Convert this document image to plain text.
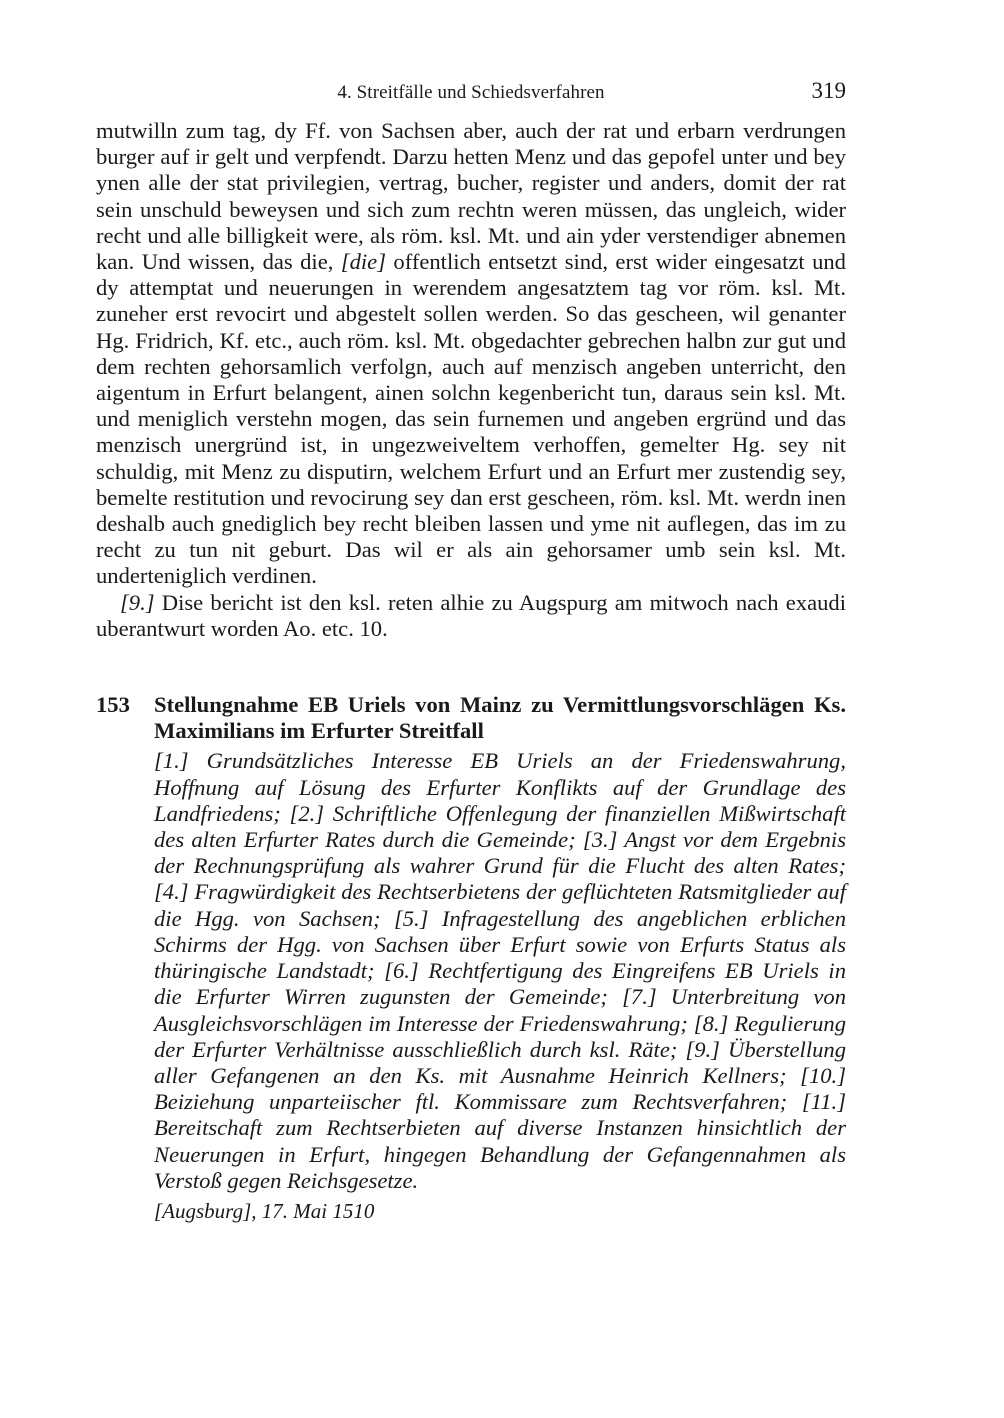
4. Streitfälle und Schiedsverfahren	319

mutwilln zum tag, dy Ff. von Sachsen aber, auch der rat und erbarn verdrungen burger auf ir gelt und verpfendt. Darzu hetten Menz und das gepofel unter und bey ynen alle der stat privilegien, vertrag, bucher, register und anders, domit der rat sein unschuld beweysen und sich zum rechtn weren müssen, das ungleich, wider recht und alle billigkeit were, als röm. ksl. Mt. und ain yder verstendiger abnemen kan. Und wissen, das die, [die] offentlich entsetzt sind, erst wider eingesatzt und dy attemptat und neuerungen in werendem angesatztem tag vor röm. ksl. Mt. zuneher erst revocirt und abgestelt sollen werden. So das gescheen, wil genanter Hg. Fridrich, Kf. etc., auch röm. ksl. Mt. obgedachter gebrechen halbn zur gut und dem rechten gehorsamlich verfolgn, auch auf menzisch angeben unterricht, den aigentum in Erfurt belangent, ainen solchn kegenbericht tun, daraus sein ksl. Mt. und meniglich verstehn mogen, das sein furnemen und angeben ergründ und das menzisch unergründ ist, in ungezweiveltem verhoffen, gemelter Hg. sey nit schuldig, mit Menz zu disputirn, welchem Erfurt und an Erfurt mer zustendig sey, bemelte restitution und revocirung sey dan erst gescheen, röm. ksl. Mt. werdn inen deshalb auch gnediglich bey recht bleiben lassen und yme nit auflegen, das im zu recht zu tun nit geburt. Das wil er als ain gehorsamer umb sein ksl. Mt. underteniglich verdinen.

[9.] Dise bericht ist den ksl. reten alhie zu Augspurg am mitwoch nach exaudi uberantwurt worden Ao. etc. 10.

153	Stellungnahme EB Uriels von Mainz zu Vermittlungsvorschlägen Ks. Maximilians im Erfurter Streitfall

[1.] Grundsätzliches Interesse EB Uriels an der Friedenswahrung, Hoffnung auf Lösung des Erfurter Konflikts auf der Grundlage des Landfriedens; [2.] Schriftliche Offenlegung der finanziellen Mißwirtschaft des alten Erfurter Rates durch die Gemeinde; [3.] Angst vor dem Ergebnis der Rechnungsprüfung als wahrer Grund für die Flucht des alten Rates; [4.] Fragwürdigkeit des Rechtserbietens der geflüchteten Ratsmitglieder auf die Hgg. von Sachsen; [5.] Infragestellung des angeblichen erblichen Schirms der Hgg. von Sachsen über Erfurt sowie von Erfurts Status als thüringische Landstadt; [6.] Rechtfertigung des Eingreifens EB Uriels in die Erfurter Wirren zugunsten der Gemeinde; [7.] Unterbreitung von Ausgleichsvorschlägen im Interesse der Friedenswahrung; [8.] Regulierung der Erfurter Verhältnisse ausschließlich durch ksl. Räte; [9.] Überstellung aller Gefangenen an den Ks. mit Ausnahme Heinrich Kellners; [10.] Beiziehung unparteiischer ftl. Kommissare zum Rechtsverfahren; [11.] Bereitschaft zum Rechtserbieten auf diverse Instanzen hinsichtlich der Neuerungen in Erfurt, hingegen Behandlung der Gefangennahmen als Verstoß gegen Reichsgesetze.

[Augsburg], 17. Mai 1510
